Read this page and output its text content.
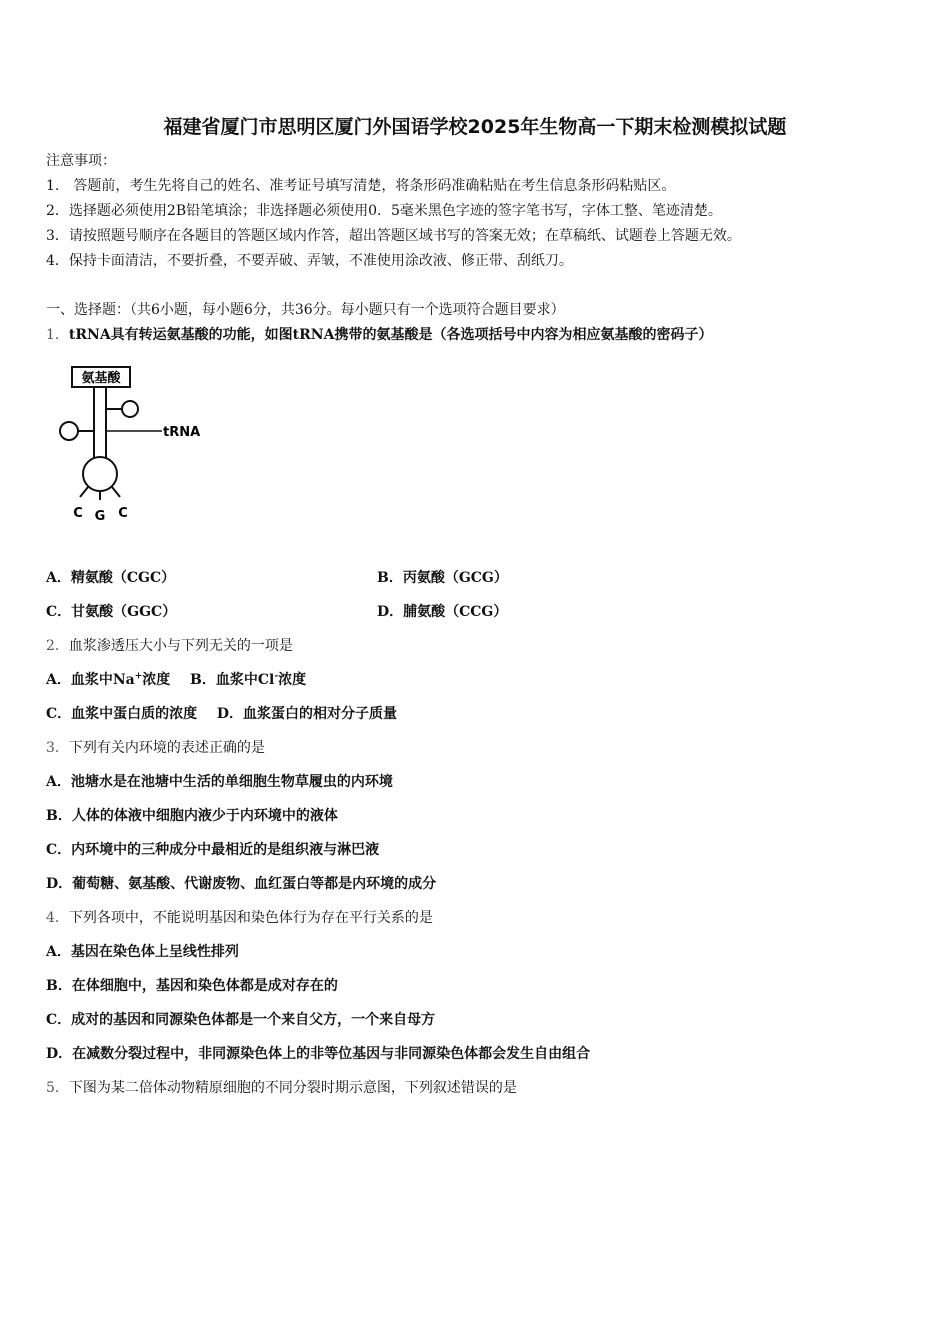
福建省厦门市思明区厦门外国语学校2025年生物高一下期末检测模拟试题
注意事项：
1.　答题前，考生先将自己的姓名、准考证号填写清楚，将条形码准确粘贴在考生信息条形码粘贴区。
2．选择题必须使用2B铅笔填涂；非选择题必须使用0．5毫米黑色字迹的签字笔书写，字体工整、笔迹清楚。
3．请按照题号顺序在各题目的答题区域内作答，超出答题区域书写的答案无效；在草稿纸、试题卷上答题无效。
4．保持卡面清洁，不要折叠，不要弄破、弄皱，不准使用涂改液、修正带、刮纸刀。
一、选择题：（共6小题，每小题6分，共36分。每小题只有一个选项符合题目要求）
1．tRNA具有转运氨基酸的功能，如图tRNA携带的氨基酸是（各选项括号中内容为相应氨基酸的密码子）
氨基酸
tRNA
C G C
A．精氨酸（CGC）	B．丙氨酸（GCG）
C．甘氨酸（GGC）	D．脯氨酸（CCG）
2．血浆渗透压大小与下列无关的一项是
A．血浆中Na+浓度 B．血浆中Cl-浓度
C．血浆中蛋白质的浓度 D．血浆蛋白的相对分子质量
3．下列有关内环境的表述正确的是
A．池塘水是在池塘中生活的单细胞生物草履虫的内环境
B．人体的体液中细胞内液少于内环境中的液体
C．内环境中的三种成分中最相近的是组织液与淋巴液
D．葡萄糖、氨基酸、代谢废物、血红蛋白等都是内环境的成分
4．下列各项中，不能说明基因和染色体行为存在平行关系的是
A．基因在染色体上呈线性排列
B．在体细胞中，基因和染色体都是成对存在的
C．成对的基因和同源染色体都是一个来自父方，一个来自母方
D．在减数分裂过程中，非同源染色体上的非等位基因与非同源染色体都会发生自由组合
5．下图为某二倍体动物精原细胞的不同分裂时期示意图，下列叙述错误的是
